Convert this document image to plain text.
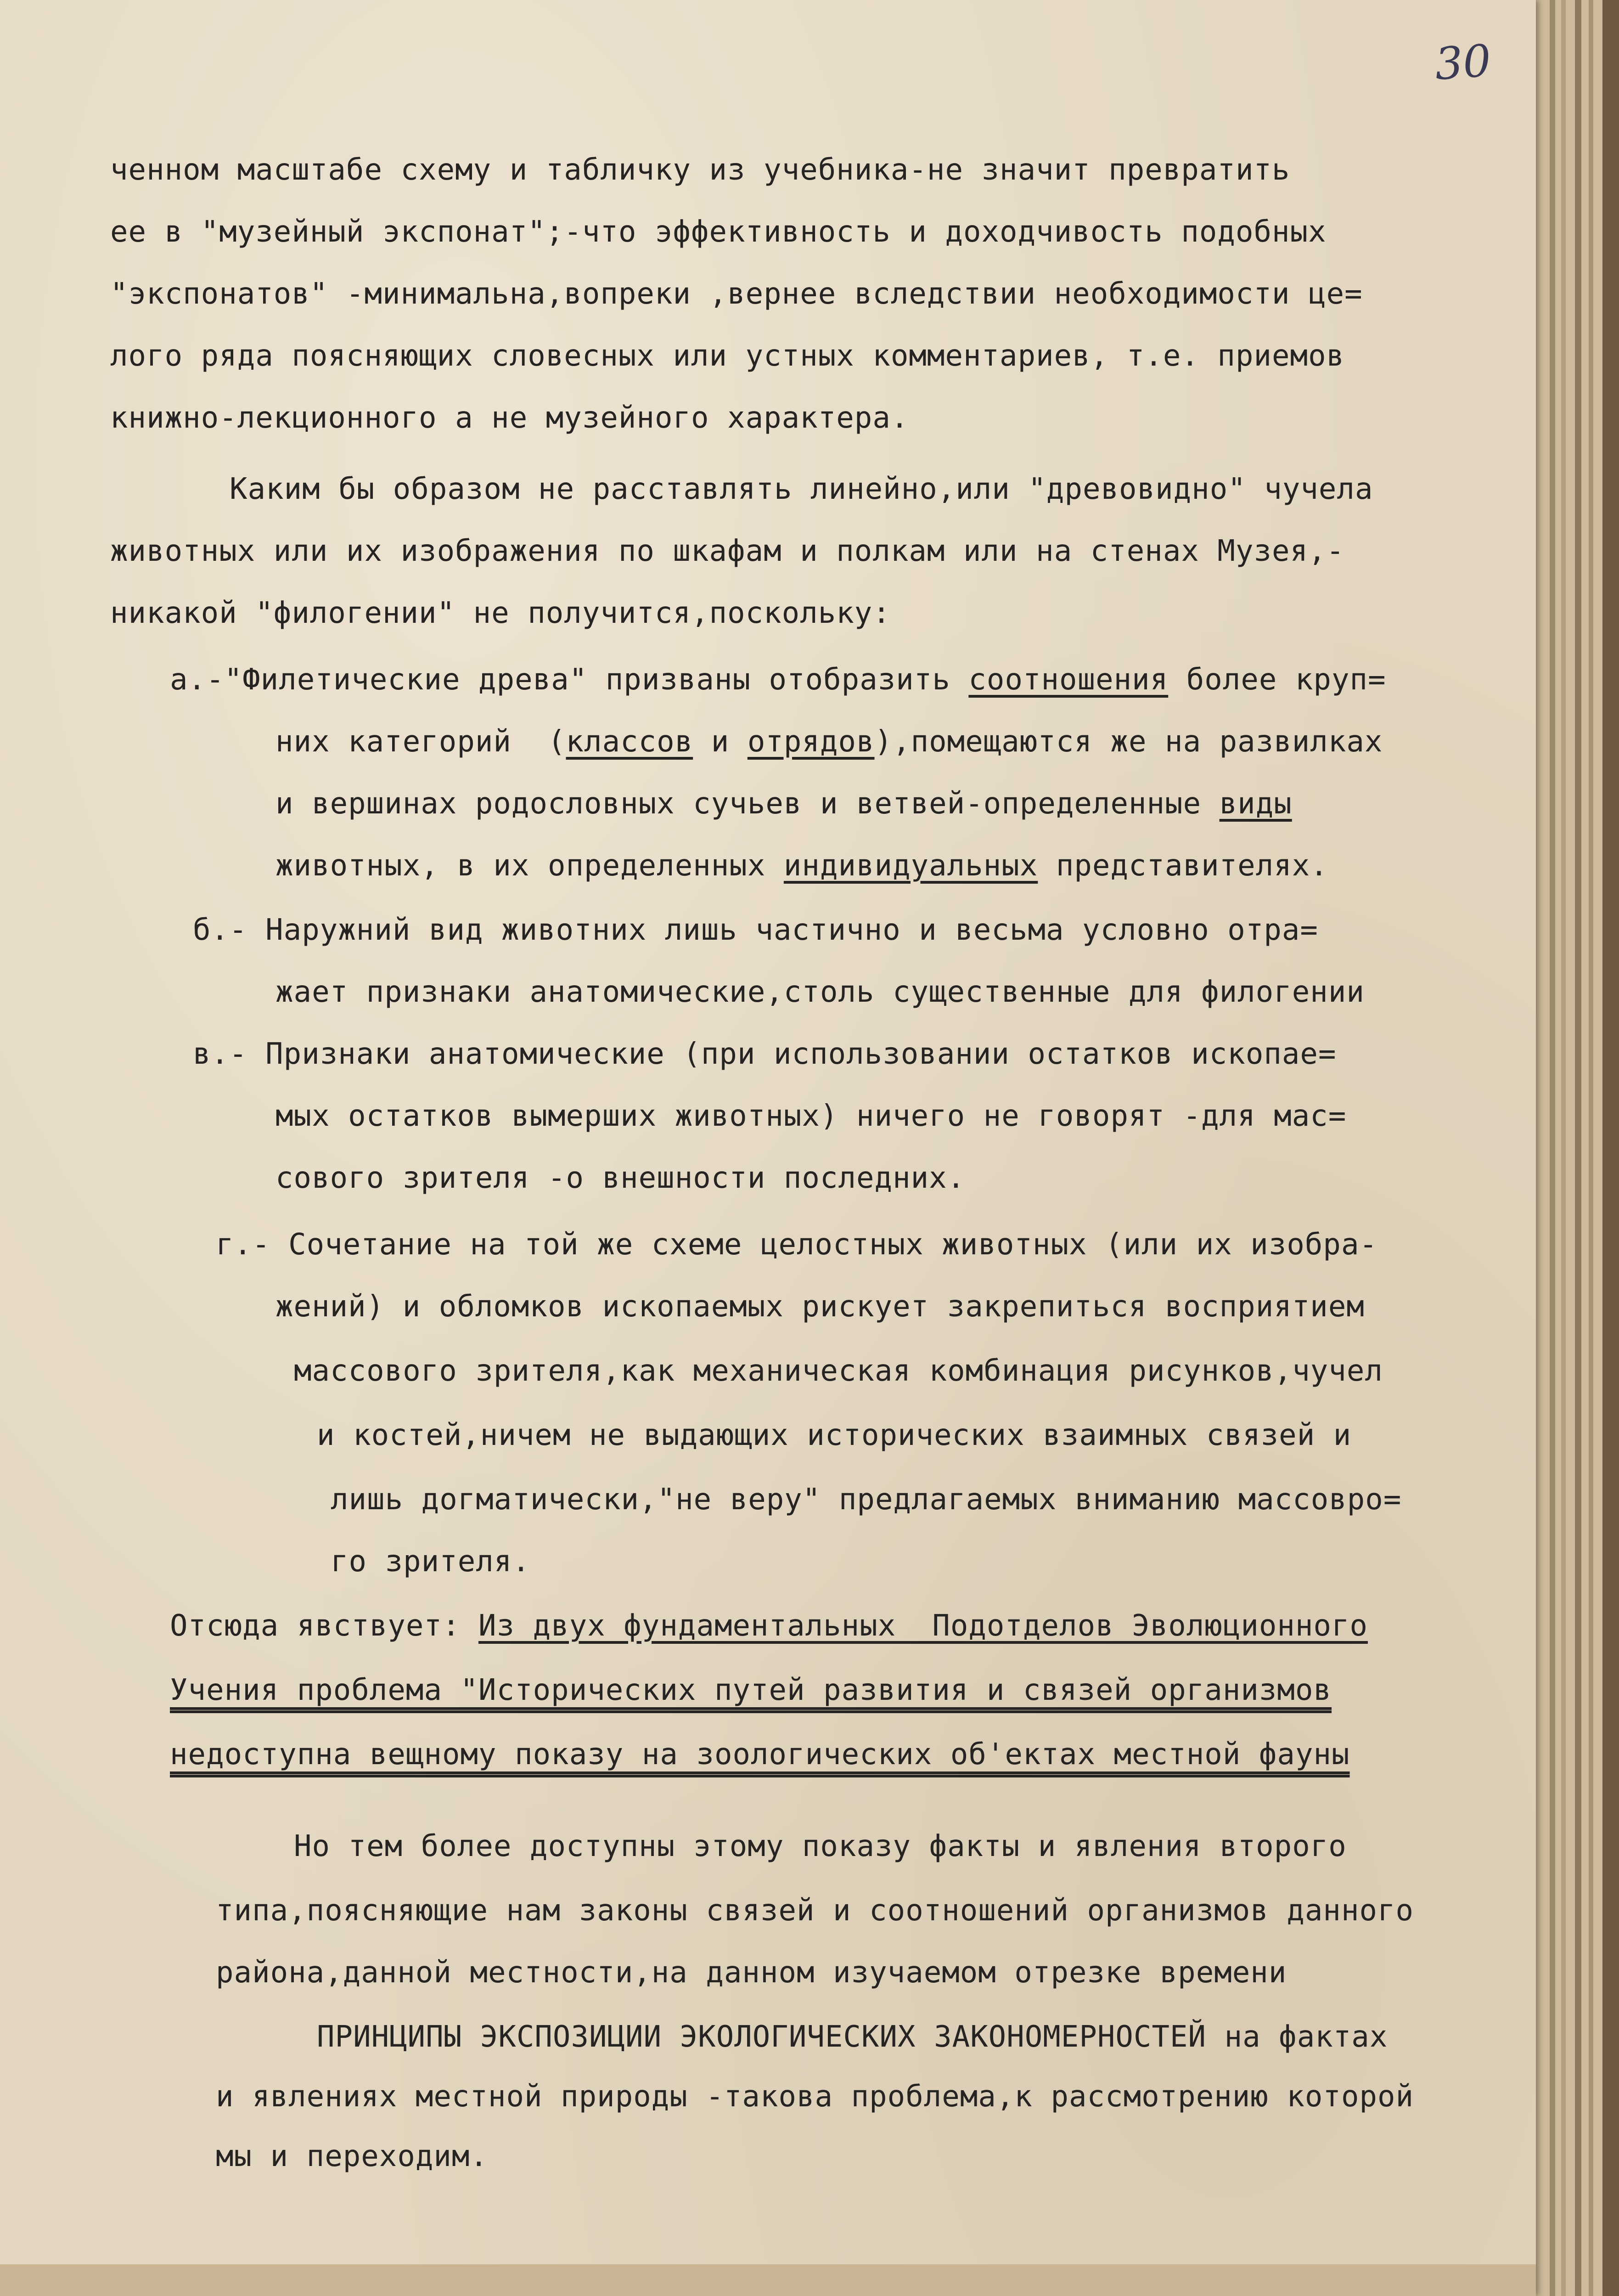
30

ченном масштабе схему и табличку из учебника-не значит превратить

ее в "музейный экспонат";-что эффективность и доходчивость подобных

"экспонатов" -минимальна,вопреки ,вернее вследствии необходимости це=

лого ряда поясняющих словесных или устных комментариев, т.е. приемов

книжно-лекционного а не музейного характера.

Каким бы образом не расставлять линейно,или "древовидно" чучела

животных или их изображения по шкафам и полкам или на стенах Музея,-

никакой "филогении" не получится,поскольку:

а.-"Филетические древа" призваны отобразить соотношения более круп=

них категорий  (классов и отрядов),помещаются же на развилках

и вершинах родословных сучьев и ветвей-определенные виды

животных, в их определенных индивидуальных представителях.

б.- Наружний вид животних лишь частично и весьма условно отра=

жает признаки анатомические,столь существенные для филогении

в.- Признаки анатомические (при использовании остатков ископае=

мых остатков вымерших животных) ничего не говорят -для мас=

сового зрителя -о внешности последних.

г.- Сочетание на той же схеме целостных животных (или их изобра-

жений) и обломков ископаемых рискует закрепиться восприятием

массового зрителя,как механическая комбинация рисунков,чучел

и костей,ничем не выдающих исторических взаимных связей и

лишь догматически,"не веру" предлагаемых вниманию массовро=

го зрителя.

Отсюда явствует: Из двух фундаментальных  Подотделов Эволюционного

Учения проблема "Исторических путей развития и связей организмов

недоступна вещному показу на зоологических об'ектах местной фауны

Но тем более доступны этому показу факты и явления второго

типа,поясняющие нам законы связей и соотношений организмов данного

района,данной местности,на данном изучаемом отрезке времени

ПРИНЦИПЫ ЭКСПОЗИЦИИ ЭКОЛОГИЧЕСКИХ ЗАКОНОМЕРНОСТЕЙ на фактах

и явлениях местной природы -такова проблема,к рассмотрению которой

мы и переходим.
